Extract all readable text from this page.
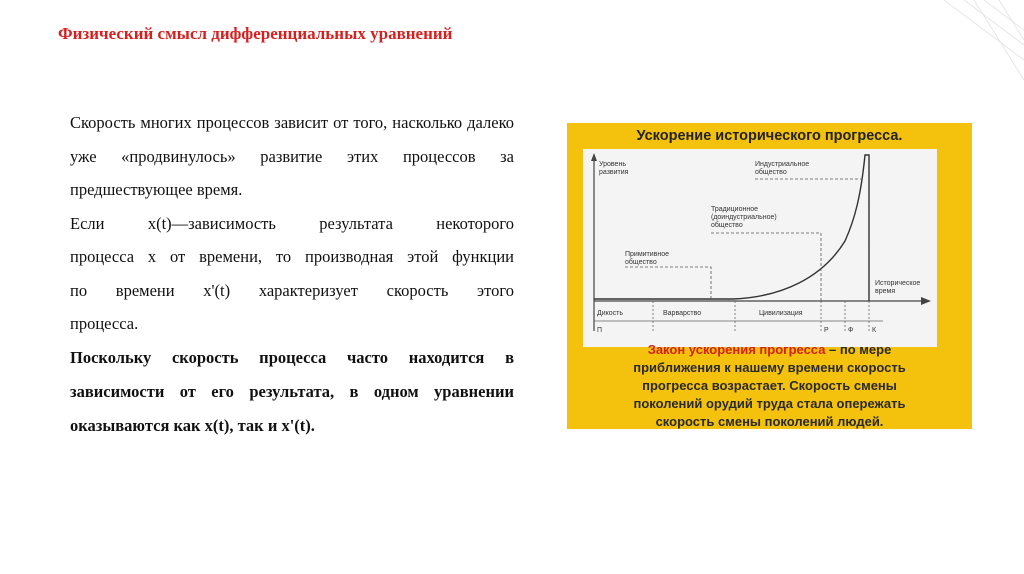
Физический смысл дифференциальных уравнений

Скорость многих процессов зависит от того, насколько далеко уже «продвинулось» развитие этих процессов за предшествующее время.

Если x(t)—зависимость результата некоторого

процесса x от времени, то производная этой функции

по времени x'(t) характеризует скорость этого

процесса.

Поскольку скорость процесса часто находится в зависимости от его результата, в одном уравнении оказываются как x(t), так и x'(t).

Ускорение исторического прогресса.
Уровень
развития
Историческое
время
Примитивное
общество
Традиционное
(доиндустриальное)
общество
Индустриальное
общество
Дикость	Варварство	Цивилизация
П	Р	Ф	К
Закон ускорения прогресса – по мере
приближения к нашему времени скорость
прогресса возрастает. Скорость смены
поколений орудий труда стала опережать
скорость смены поколений людей.
